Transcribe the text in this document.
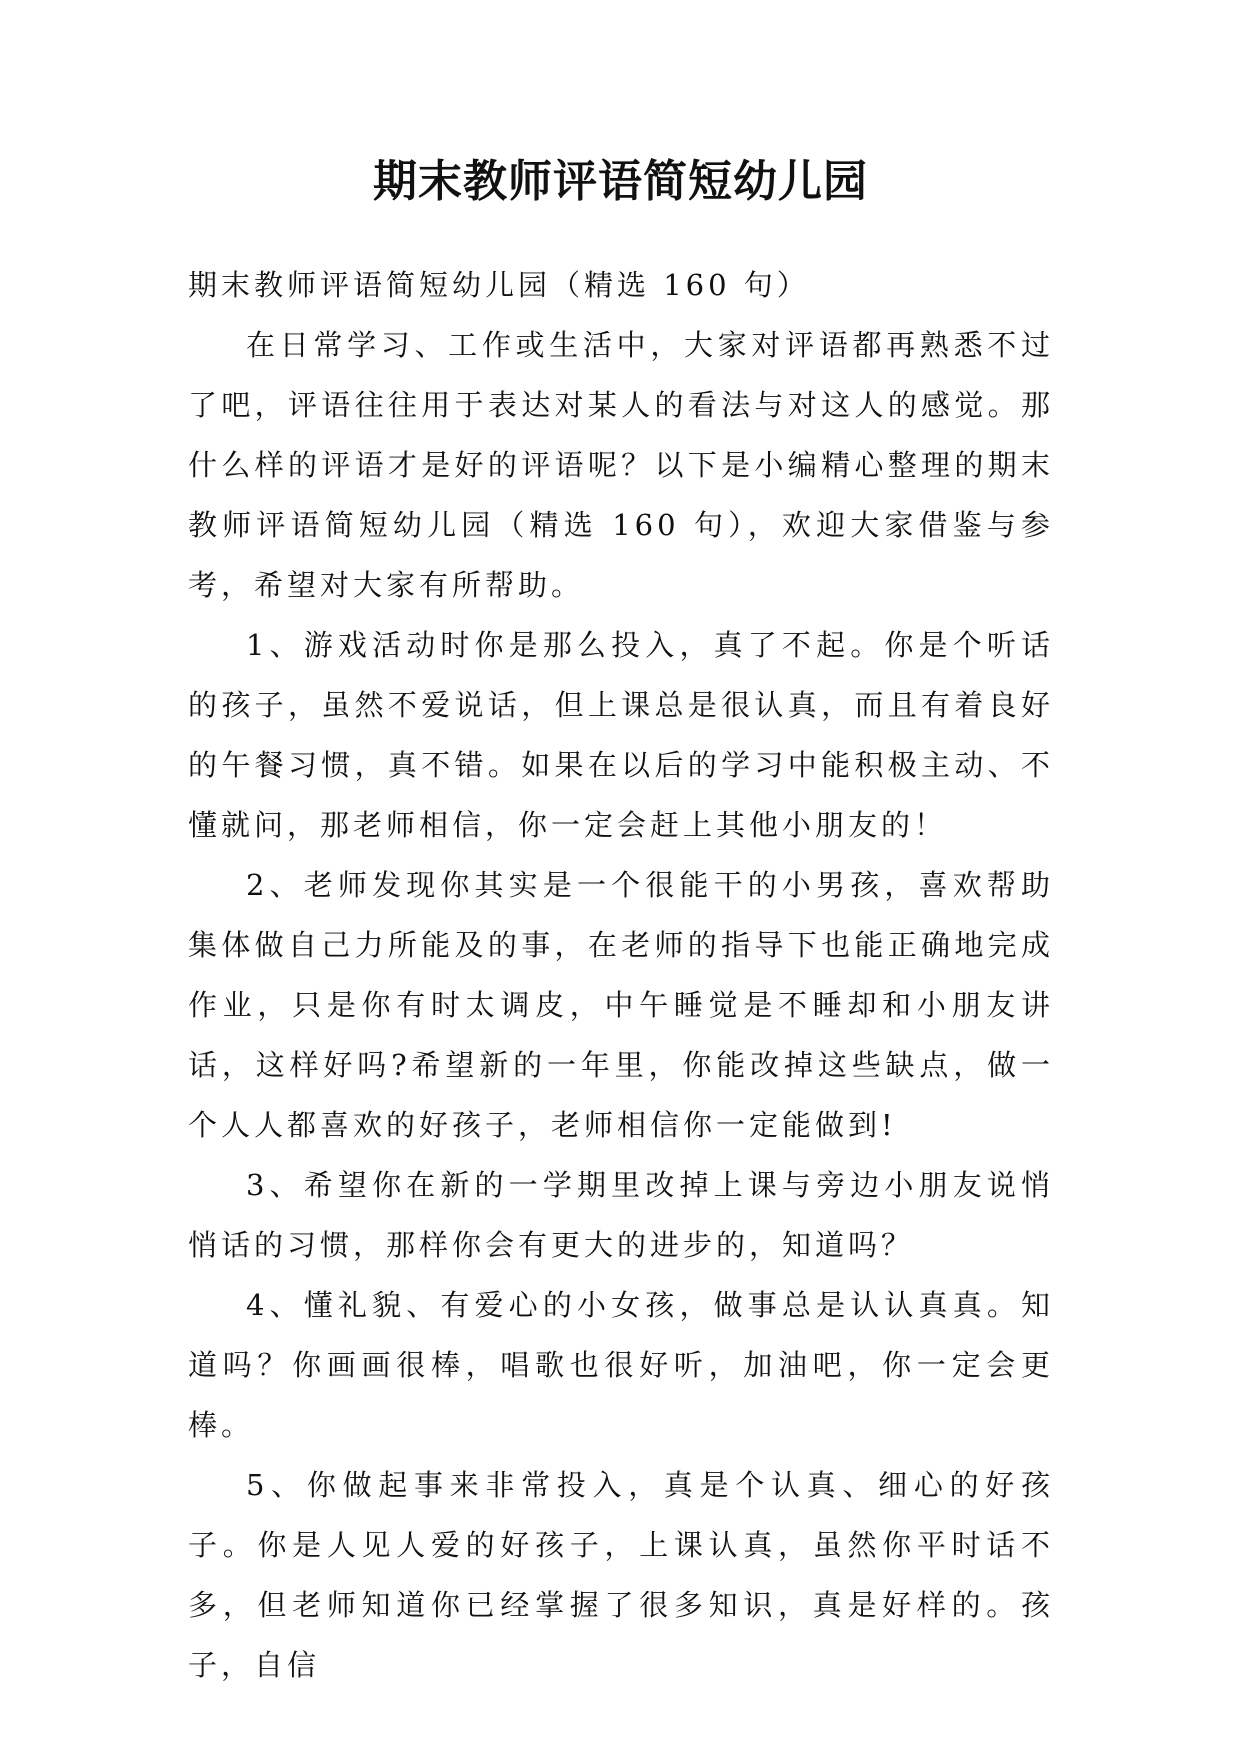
期末教师评语简短幼儿园

期末教师评语简短幼儿园（精选 160 句）

在日常学习、工作或生活中，大家对评语都再熟悉不过了吧，评语往往用于表达对某人的看法与对这人的感觉。那什么样的评语才是好的评语呢？以下是小编精心整理的期末教师评语简短幼儿园（精选 160 句），欢迎大家借鉴与参考，希望对大家有所帮助。

1、游戏活动时你是那么投入，真了不起。你是个听话的孩子，虽然不爱说话，但上课总是很认真，而且有着良好的午餐习惯，真不错。如果在以后的学习中能积极主动、不懂就问，那老师相信，你一定会赶上其他小朋友的！

2、老师发现你其实是一个很能干的小男孩，喜欢帮助集体做自己力所能及的事，在老师的指导下也能正确地完成作业，只是你有时太调皮，中午睡觉是不睡却和小朋友讲话，这样好吗?希望新的一年里，你能改掉这些缺点，做一个人人都喜欢的好孩子，老师相信你一定能做到!

3、希望你在新的一学期里改掉上课与旁边小朋友说悄悄话的习惯，那样你会有更大的进步的，知道吗？

4、懂礼貌、有爱心的小女孩，做事总是认认真真。知道吗？你画画很棒，唱歌也很好听，加油吧，你一定会更棒。

5、你做起事来非常投入，真是个认真、细心的好孩子。你是人见人爱的好孩子，上课认真，虽然你平时话不多，但老师知道你已经掌握了很多知识，真是好样的。孩子，自信
